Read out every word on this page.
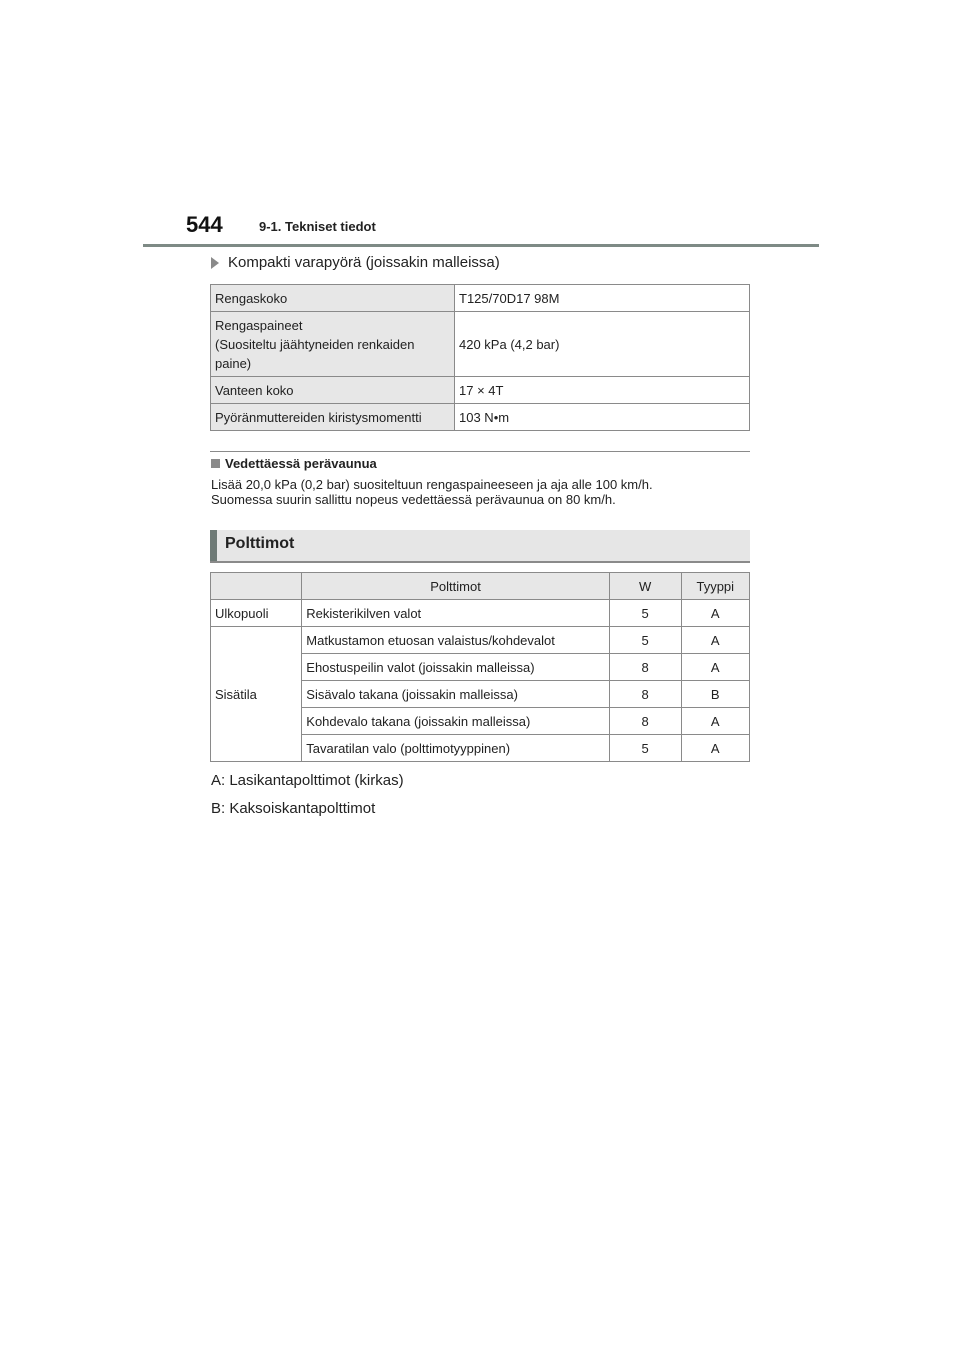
544	9-1. Tekniset tiedot
Kompakti varapyörä (joissakin malleissa)
Rengaskoko	T125/70D17 98M

Rengaspaineet
(Suositeltu jäähtyneiden renkaiden
paine)	420 kPa (4,2 bar)

Vanteen koko	17 × 4T

Pyöränmuttereiden kiristysmomentti	103 N•m
Vedettäessä perävaunua
Lisää 20,0 kPa (0,2 bar) suositeltuun rengaspaineeseen ja aja alle 100 km/h.
Suomessa suurin sallittu nopeus vedettäessä perävaunua on 80 km/h.
Polttimot
	Polttimot	W	Tyyppi
Ulkopuoli	Rekisterikilven valot	5	A
Sisätila	Matkustamon etuosan valaistus/kohdevalot	5	A
	Ehostuspeilin valot (joissakin malleissa)	8	A
	Sisävalo takana (joissakin malleissa)	8	B
	Kohdevalo takana (joissakin malleissa)	8	A
	Tavaratilan valo (polttimotyyppinen)	5	A
A: Lasikantapolttimot (kirkas)
B: Kaksoiskantapolttimot
